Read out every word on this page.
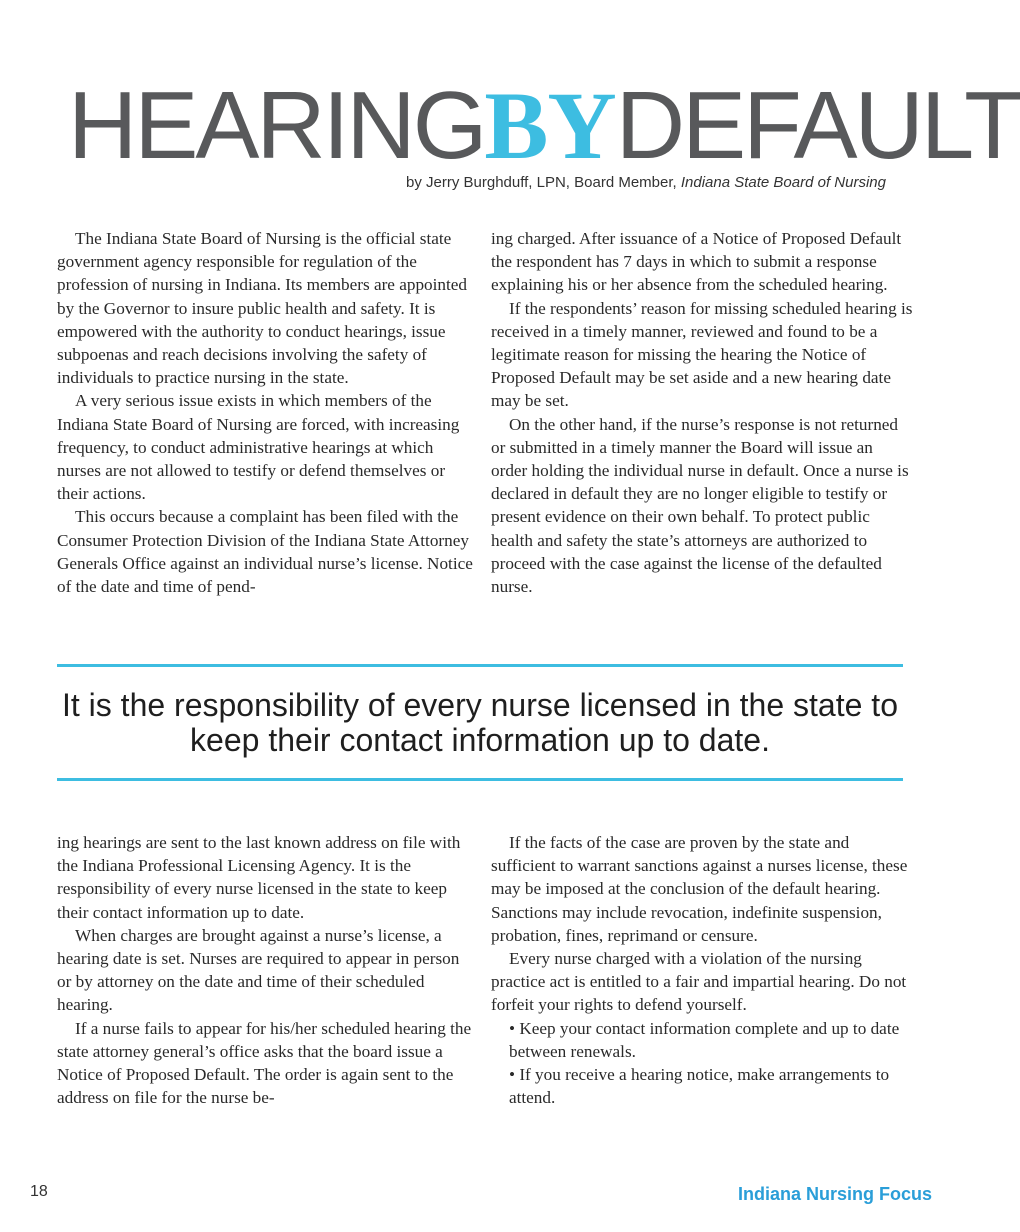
HEARINGBYDEFAULT
by Jerry Burghduff, LPN, Board Member, Indiana State Board of Nursing

The Indiana State Board of Nursing is the official state government agency responsible for regulation of the profession of nursing in Indiana. Its members are appointed by the Governor to insure public health and safety. It is empowered with the authority to conduct hearings, issue subpoenas and reach decisions involving the safety of individuals to practice nursing in the state.

A very serious issue exists in which members of the Indiana State Board of Nursing are forced, with increasing frequency, to conduct administrative hearings at which nurses are not allowed to testify or defend themselves or their actions.

This occurs because a complaint has been filed with the Consumer Protection Division of the Indiana State Attorney Generals Office against an individual nurse’s license. Notice of the date and time of pend-

ing charged. After issuance of a Notice of Proposed Default the respondent has 7 days in which to submit a response explaining his or her absence from the scheduled hearing.

If the respondents’ reason for missing scheduled hearing is received in a timely manner, reviewed and found to be a legitimate reason for missing the hearing the Notice of Proposed Default may be set aside and a new hearing date may be set.

On the other hand, if the nurse’s response is not returned or submitted in a timely manner the Board will issue an order holding the individual nurse in default. Once a nurse is declared in default they are no longer eligible to testify or present evidence on their own behalf. To protect public health and safety the state’s attorneys are authorized to proceed with the case against the license of the defaulted nurse.

It is the responsibility of every nurse licensed in the state to keep their contact information up to date.

ing hearings are sent to the last known address on file with the Indiana Professional Licensing Agency. It is the responsibility of every nurse licensed in the state to keep their contact information up to date.

When charges are brought against a nurse’s license, a hearing date is set. Nurses are required to appear in person or by attorney on the date and time of their scheduled hearing.

If a nurse fails to appear for his/her scheduled hearing the state attorney general’s office asks that the board issue a Notice of Proposed Default. The order is again sent to the address on file for the nurse be-

If the facts of the case are proven by the state and sufficient to warrant sanctions against a nurses license, these may be imposed at the conclusion of the default hearing. Sanctions may include revocation, indefinite suspension, probation, fines, reprimand or censure.

Every nurse charged with a violation of the nursing practice act is entitled to a fair and impartial hearing. Do not forfeit your rights to defend yourself.

• Keep your contact information complete and up to date between renewals.

• If you receive a hearing notice, make arrangements to attend.

18	Indiana Nursing Focus
